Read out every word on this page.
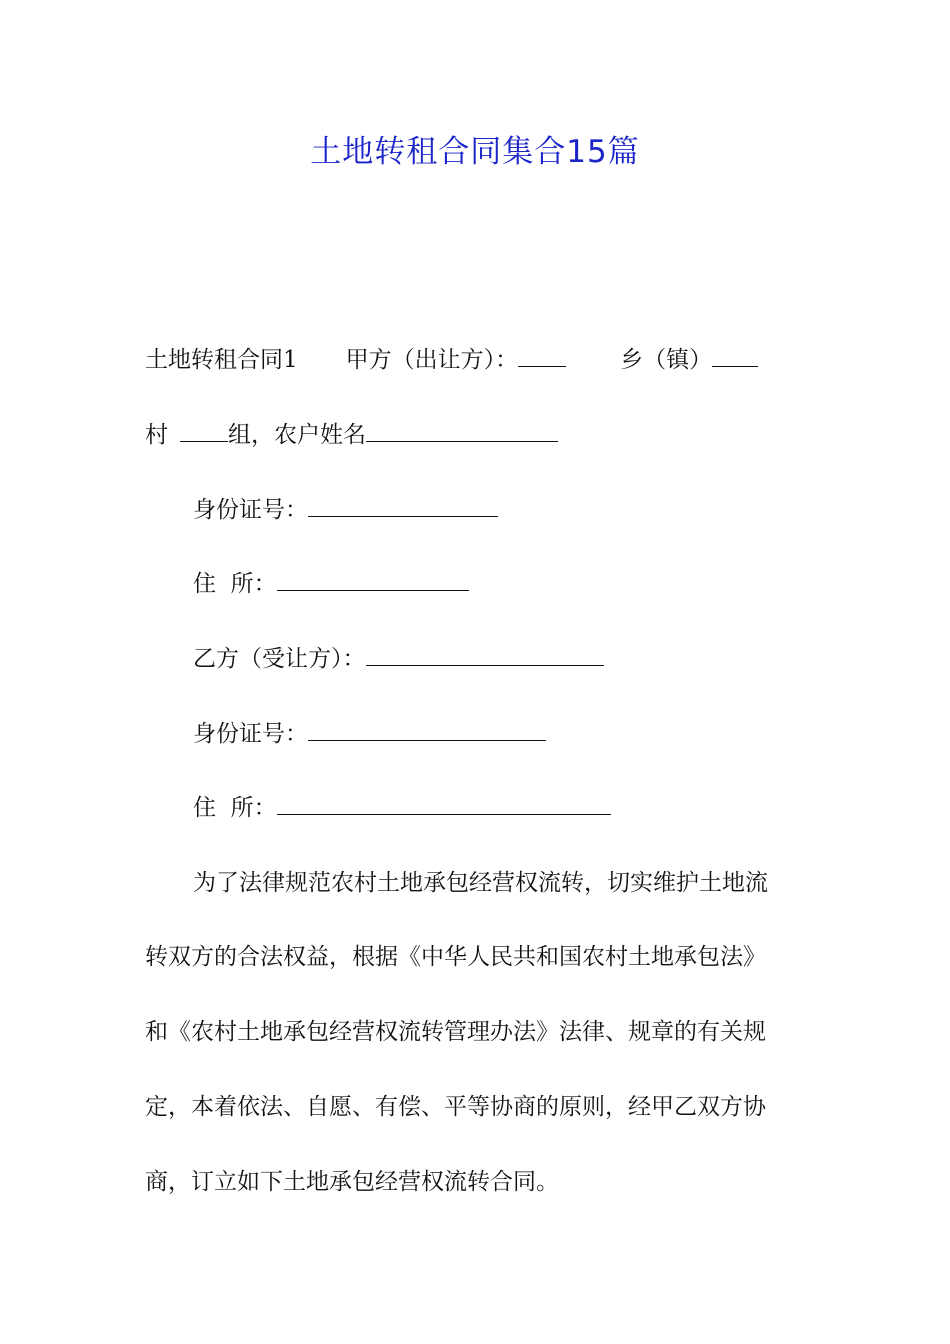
土地转租合同集合15篇
土地转租合同1 甲方（出让方）：	乡（镇）
村	组，农户姓名
身份证号：
住  所：
乙方（受让方）：
身份证号：
住  所：
为了法律规范农村土地承包经营权流转，切实维护土地流
转双方的合法权益，根据《中华人民共和国农村土地承包法》
和《农村土地承包经营权流转管理办法》法律、规章的有关规
定，本着依法、自愿、有偿、平等协商的原则，经甲乙双方协
商，订立如下土地承包经营权流转合同。
